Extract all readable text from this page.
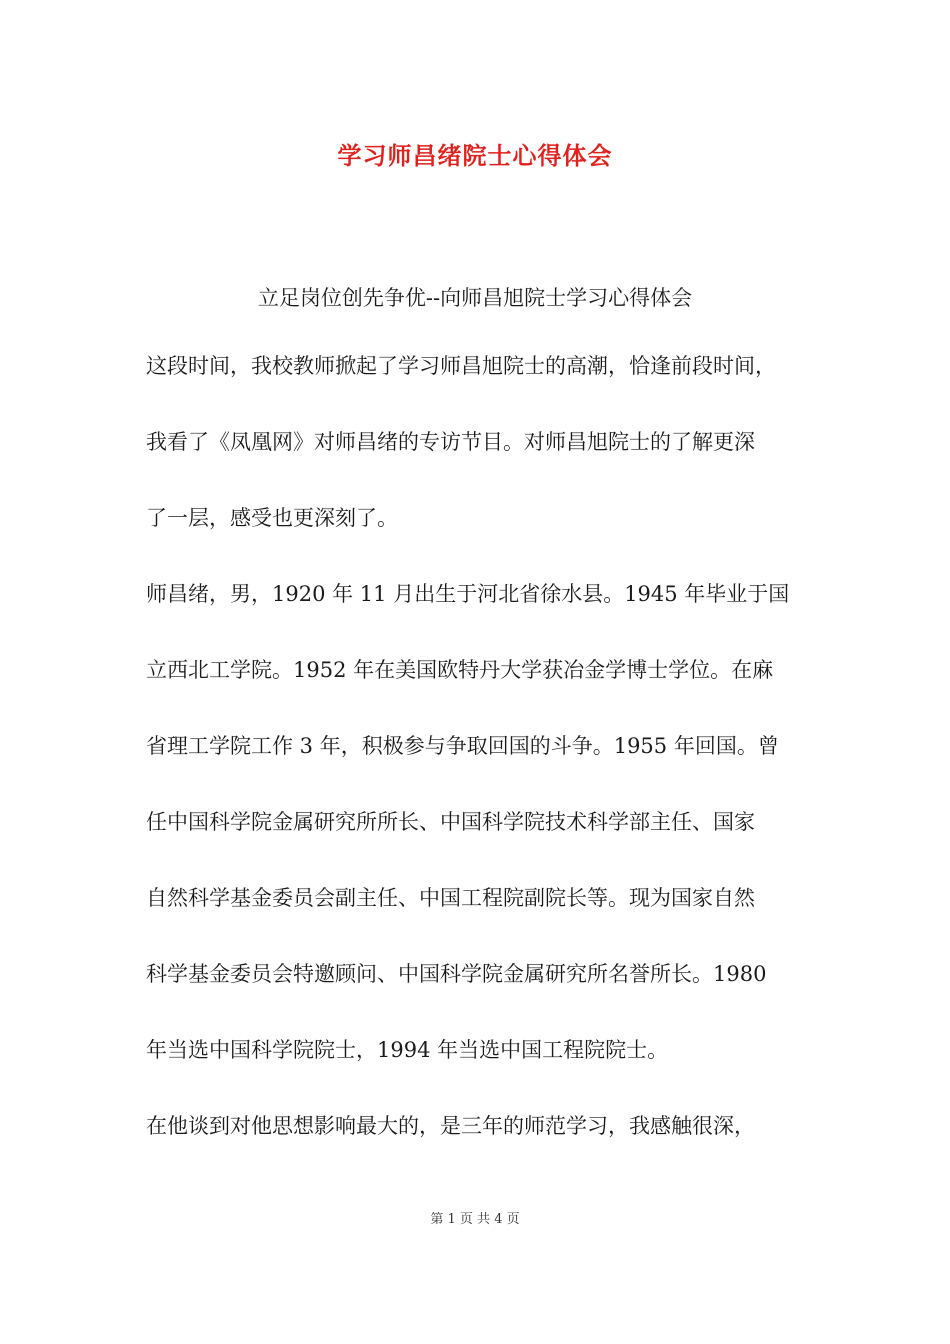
学习师昌绪院士心得体会

立足岗位创先争优--向师昌旭院士学习心得体会

这段时间，我校教师掀起了学习师昌旭院士的高潮，恰逢前段时间，
我看了《凤凰网》对师昌绪的专访节目。对师昌旭院士的了解更深
了一层，感受也更深刻了。
师昌绪，男，1920 年 11 月出生于河北省徐水县。1945 年毕业于国
立西北工学院。1952 年在美国欧特丹大学获冶金学博士学位。在麻
省理工学院工作 3 年，积极参与争取回国的斗争。1955 年回国。曾
任中国科学院金属研究所所长、中国科学院技术科学部主任、国家
自然科学基金委员会副主任、中国工程院副院长等。现为国家自然
科学基金委员会特邀顾问、中国科学院金属研究所名誉所长。1980
年当选中国科学院院士，1994 年当选中国工程院院士。
在他谈到对他思想影响最大的，是三年的师范学习，我感触很深，
第 1 页 共 4 页
